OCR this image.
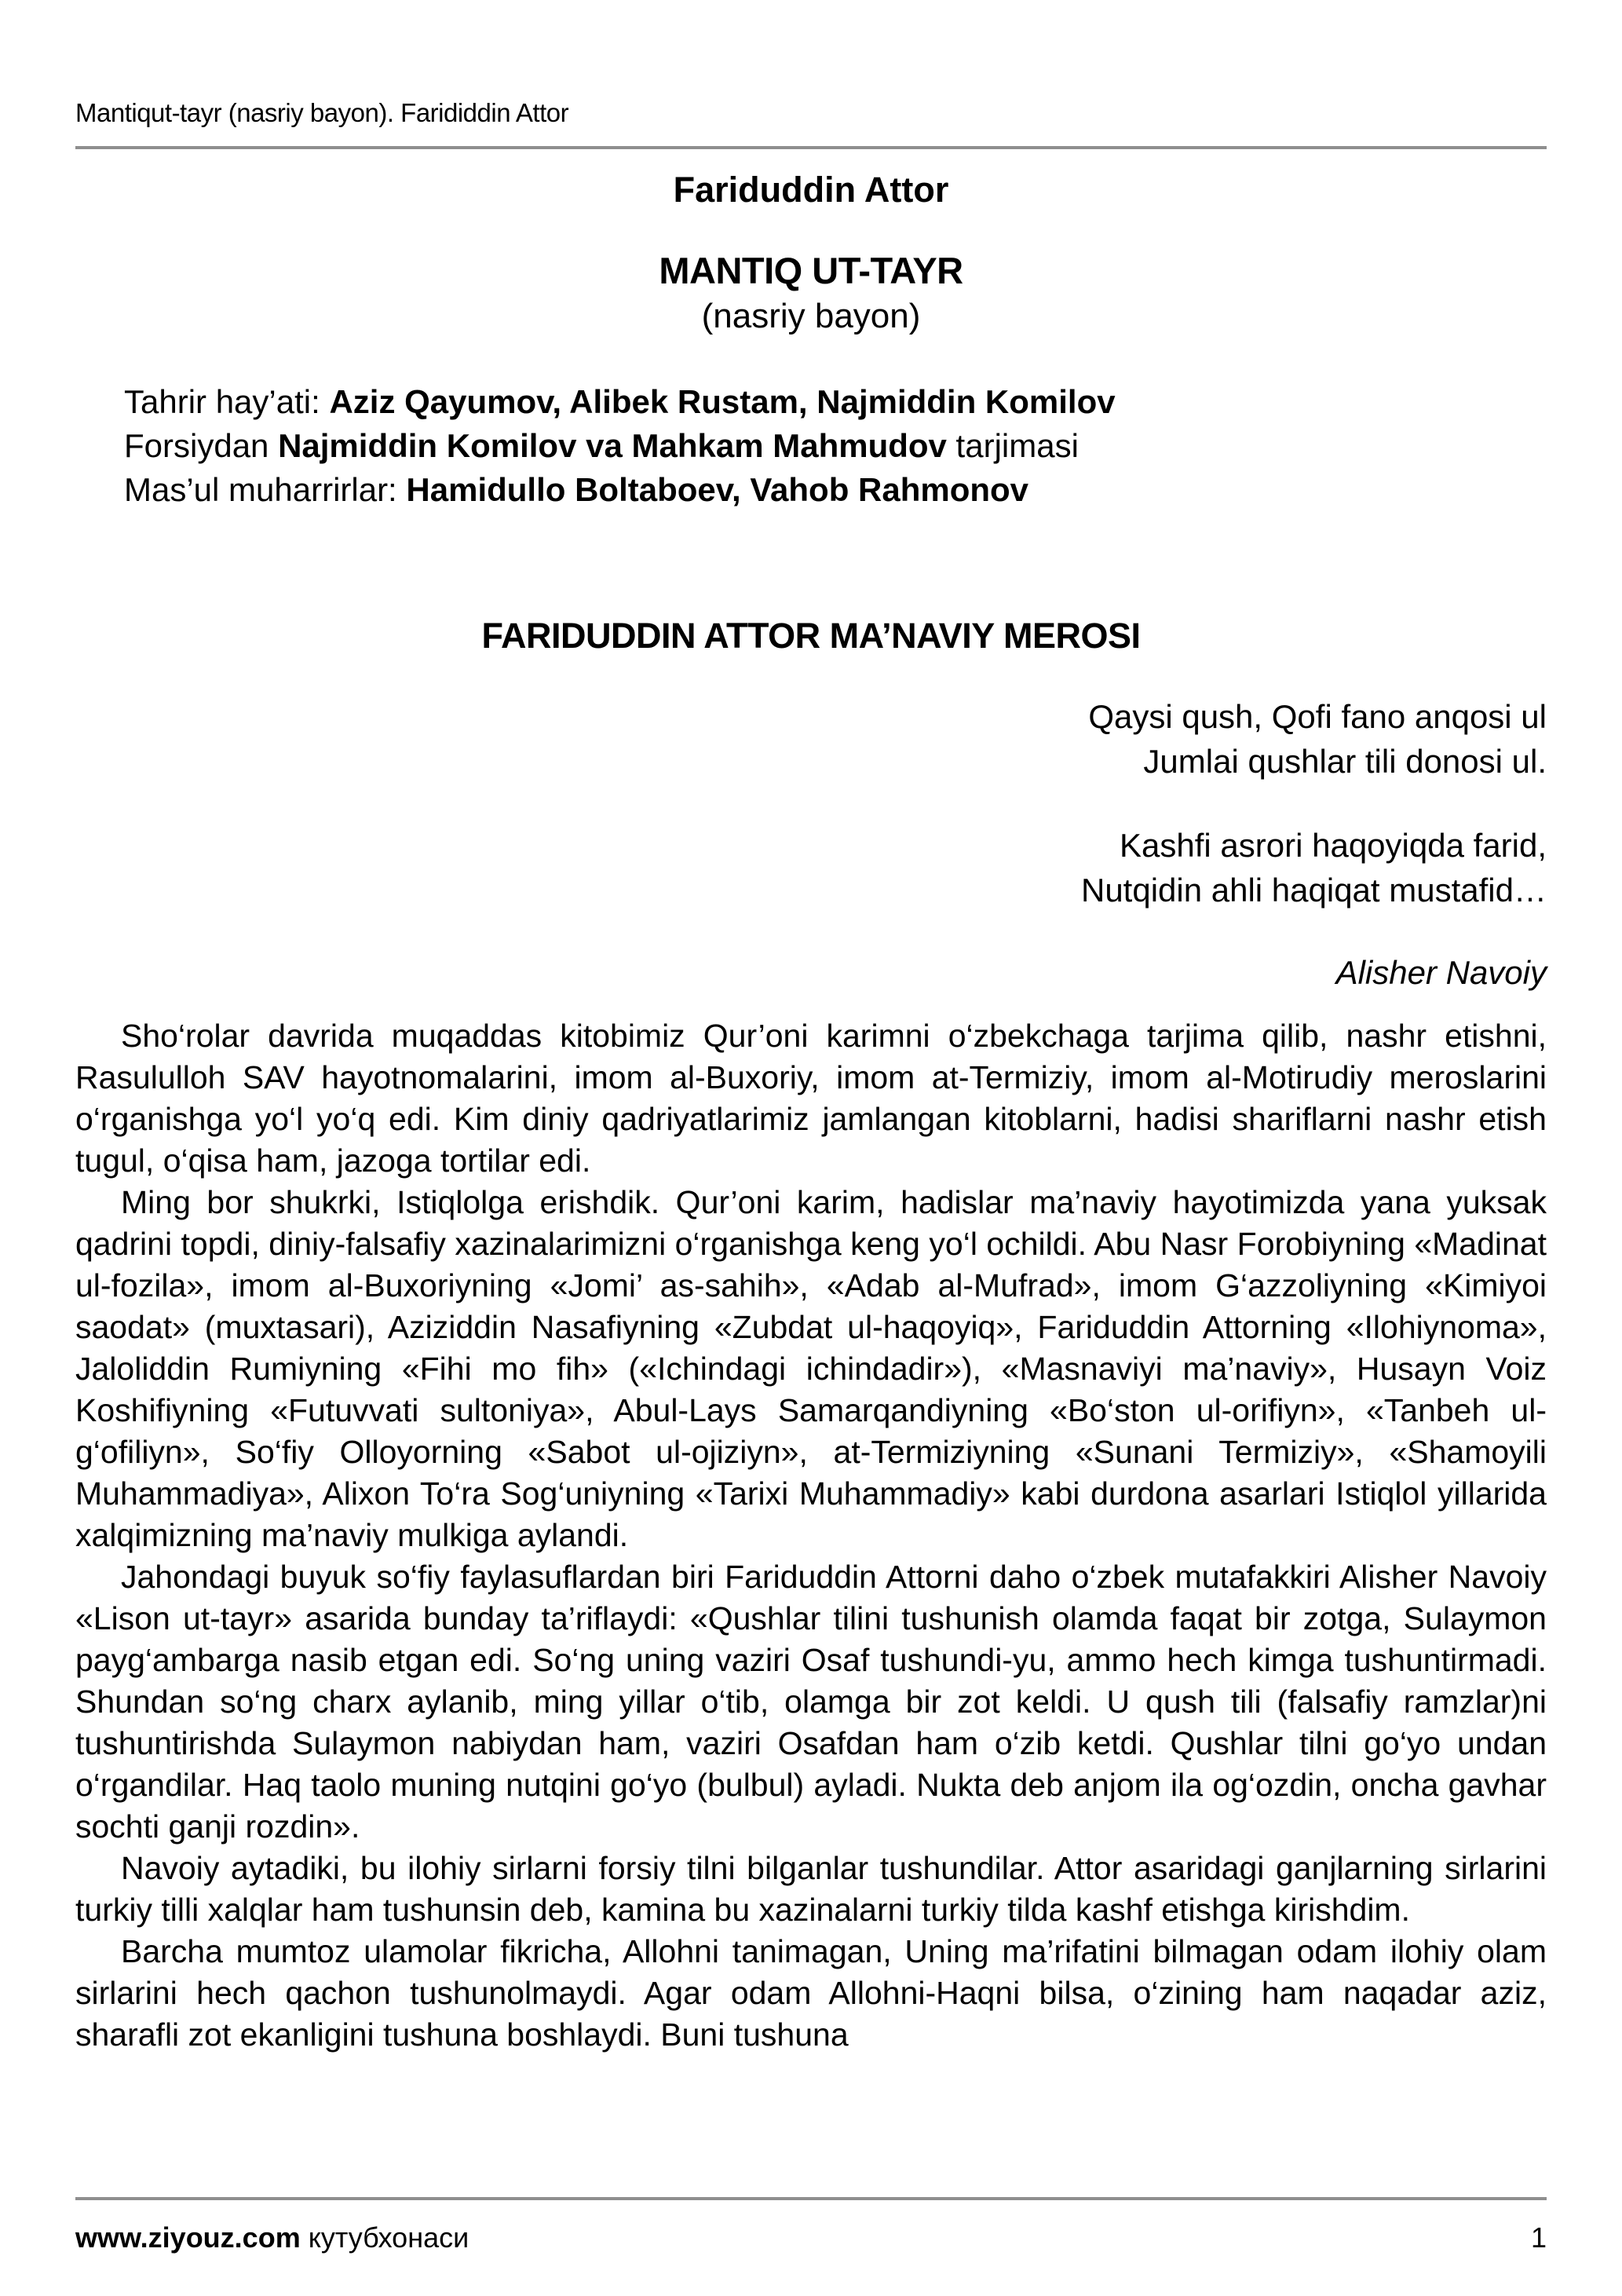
Mantiqut-tayr (nasriy bayon). Farididdin Attor
Fariduddin Attor
MANTIQ UT-TAYR
(nasriy bayon)
Tahrir hay’ati: Aziz Qayumov, Alibek Rustam, Najmiddin Komilov
Forsiydan Najmiddin Komilov va Mahkam Mahmudov tarjimasi
Mas’ul muharrirlar: Hamidullo Boltaboev, Vahob Rahmonov
FARIDUDDIN ATTOR MA’NAVIY MEROSI
Qaysi qush, Qofi fano anqosi ul
Jumlai qushlar tili donosi ul.
Kashfi asrori haqoyiqda farid,
Nutqidin ahli haqiqat mustafid…
Alisher Navoiy

Sho‘rolar davrida muqaddas kitobimiz Qur’oni karimni o‘zbekchaga tarjima qilib, nashr etishni, Rasululloh SAV hayotnomalarini, imom al-Buxoriy, imom at-Termiziy, imom al-Motirudiy meroslarini o‘rganishga yo‘l yo‘q edi. Kim diniy qadriyatlarimiz jamlangan kitoblarni, hadisi shariflarni nashr etish tugul, o‘qisa ham, jazoga tortilar edi.

Ming bor shukrki, Istiqlolga erishdik. Qur’oni karim, hadislar ma’naviy hayotimizda yana yuksak qadrini topdi, diniy-falsafiy xazinalarimizni o‘rganishga keng yo‘l ochildi. Abu Nasr Forobiyning «Madinat ul-fozila», imom al-Buxoriyning «Jomi’ as-sahih», «Adab al-Mufrad», imom G‘azzoliyning «Kimiyoi saodat» (muxtasari), Aziziddin Nasafiyning «Zubdat ul-haqoyiq», Fariduddin Attorning «Ilohiynoma», Jaloliddin Rumiyning «Fihi mo fih» («Ichindagi ichindadir»), «Masnaviyi ma’naviy», Husayn Voiz Koshifiyning «Futuvvati sultoniya», Abul-Lays Samarqandiyning «Bo‘ston ul-orifiyn», «Tanbeh ul-g‘ofiliyn», So‘fiy Olloyorning «Sabot ul-ojiziyn», at-Termiziyning «Sunani Termiziy», «Shamoyili Muhammadiya», Alixon To‘ra Sog‘uniyning «Tarixi Muhammadiy» kabi durdona asarlari Istiqlol yillarida xalqimizning ma’naviy mulkiga aylandi.

Jahondagi buyuk so‘fiy faylasuflardan biri Fariduddin Attorni daho o‘zbek mutafakkiri Alisher Navoiy «Lison ut-tayr» asarida bunday ta’riflaydi: «Qushlar tilini tushunish olamda faqat bir zotga, Sulaymon payg‘ambarga nasib etgan edi. So‘ng uning vaziri Osaf tushundi-yu, ammo hech kimga tushuntirmadi. Shundan so‘ng charx aylanib, ming yillar o‘tib, olamga bir zot keldi. U qush tili (falsafiy ramzlar)ni tushuntirishda Sulaymon nabiydan ham, vaziri Osafdan ham o‘zib ketdi. Qushlar tilni go‘yo undan o‘rgandilar. Haq taolo muning nutqini go‘yo (bulbul) ayladi. Nukta deb anjom ila og‘ozdin, oncha gavhar sochti ganji rozdin».

Navoiy aytadiki, bu ilohiy sirlarni forsiy tilni bilganlar tushundilar. Attor asaridagi ganjlarning sirlarini turkiy tilli xalqlar ham tushunsin deb, kamina bu xazinalarni turkiy tilda kashf etishga kirishdim.

Barcha mumtoz ulamolar fikricha, Allohni tanimagan, Uning ma’rifatini bilmagan odam ilohiy olam sirlarini hech qachon tushunolmaydi. Agar odam Allohni-Haqni bilsa, o‘zining ham naqadar aziz, sharafli zot ekanligini tushuna boshlaydi. Buni tushuna

www.ziyouz.com кутубхонаси	1
